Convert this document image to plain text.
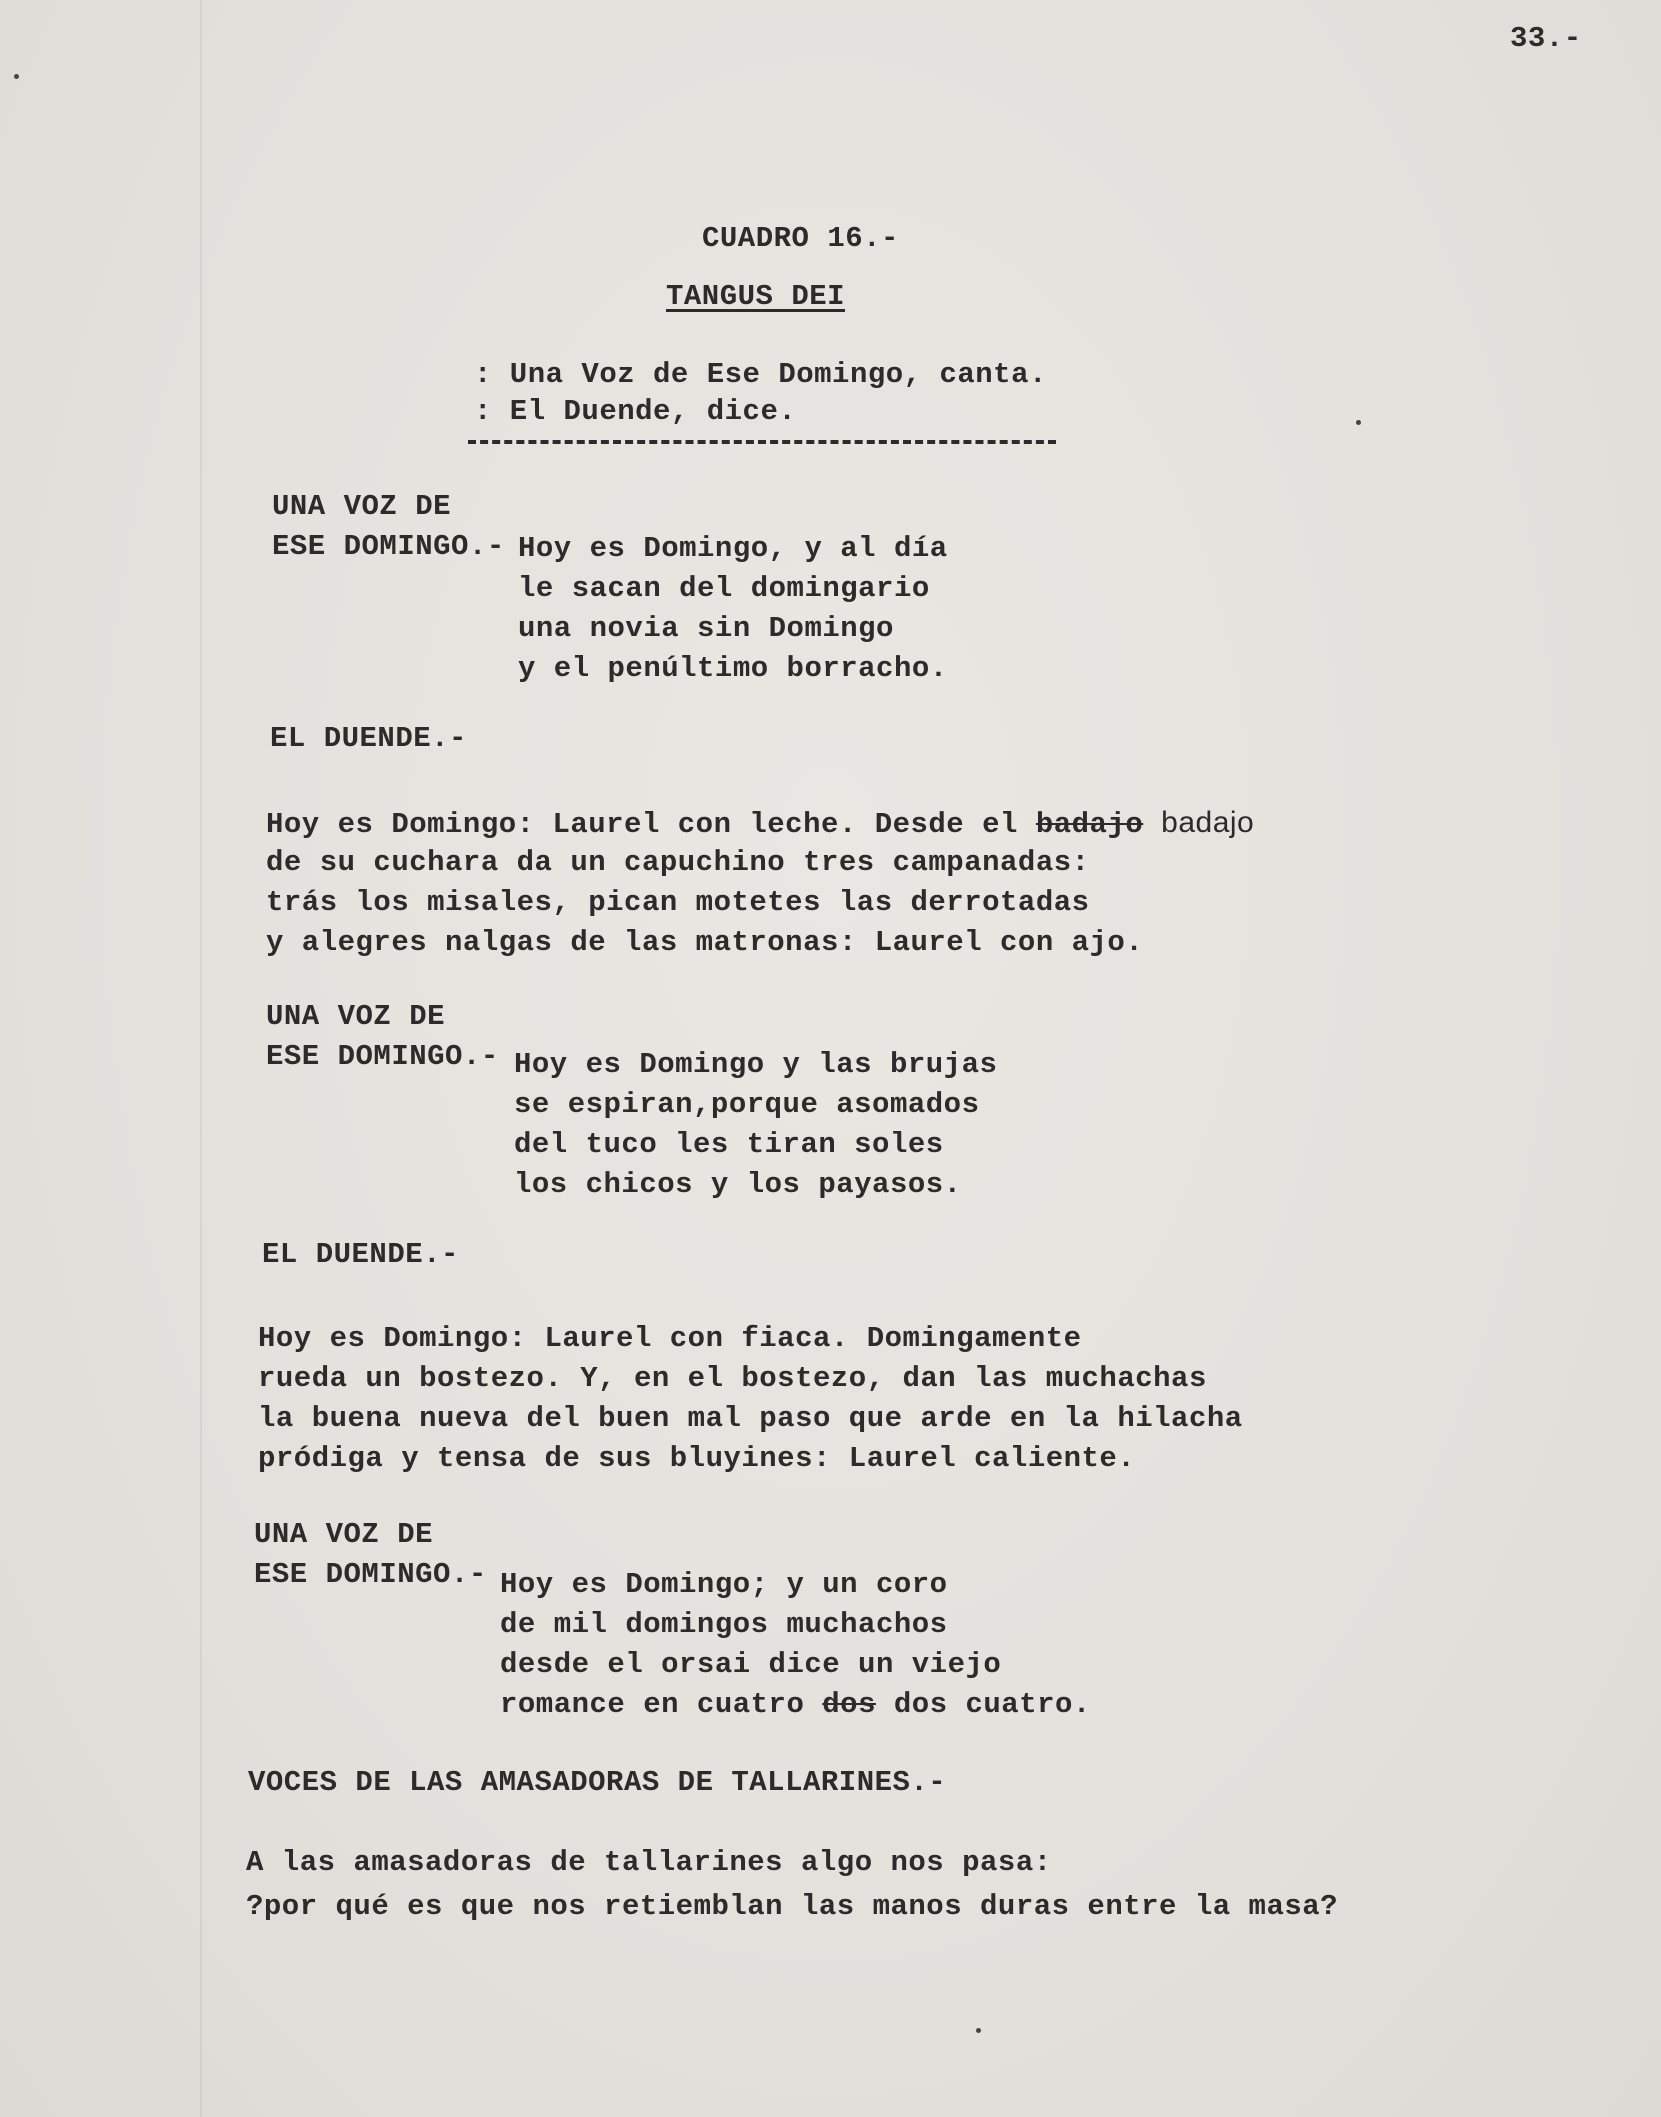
33.-
CUADRO 16.-
TANGUS DEI
: Una Voz de Ese Domingo, canta.
: El Duende, dice.
UNA VOZ DE
ESE DOMINGO.- Hoy es Domingo, y al día
le sacan del domingario
una novia sin Domingo
y el penúltimo borracho.
EL DUENDE.-
Hoy es Domingo: Laurel con leche. Desde el badajo badajo
de su cuchara da un capuchino tres campanadas:
trás los misales, pican motetes las derrotadas
y alegres nalgas de las matronas: Laurel con ajo.
UNA VOZ DE
ESE DOMINGO.- Hoy es Domingo y las brujas
se espiran,porque asomados
del tuco les tiran soles
los chicos y los payasos.
EL DUENDE.-
Hoy es Domingo: Laurel con fiaca. Domingamente
rueda un bostezo. Y, en el bostezo, dan las muchachas
la buena nueva del buen mal paso que arde en la hilacha
pródiga y tensa de sus bluyines: Laurel caliente.
UNA VOZ DE
ESE DOMINGO.- Hoy es Domingo; y un coro
de mil domingos muchachos
desde el orsai dice un viejo
romance en cuatro dos dos cuatro.
VOCES DE LAS AMASADORAS DE TALLARINES.-
A las amasadoras de tallarines algo nos pasa:
?por qué es que nos retiemblan las manos duras entre la masa?
